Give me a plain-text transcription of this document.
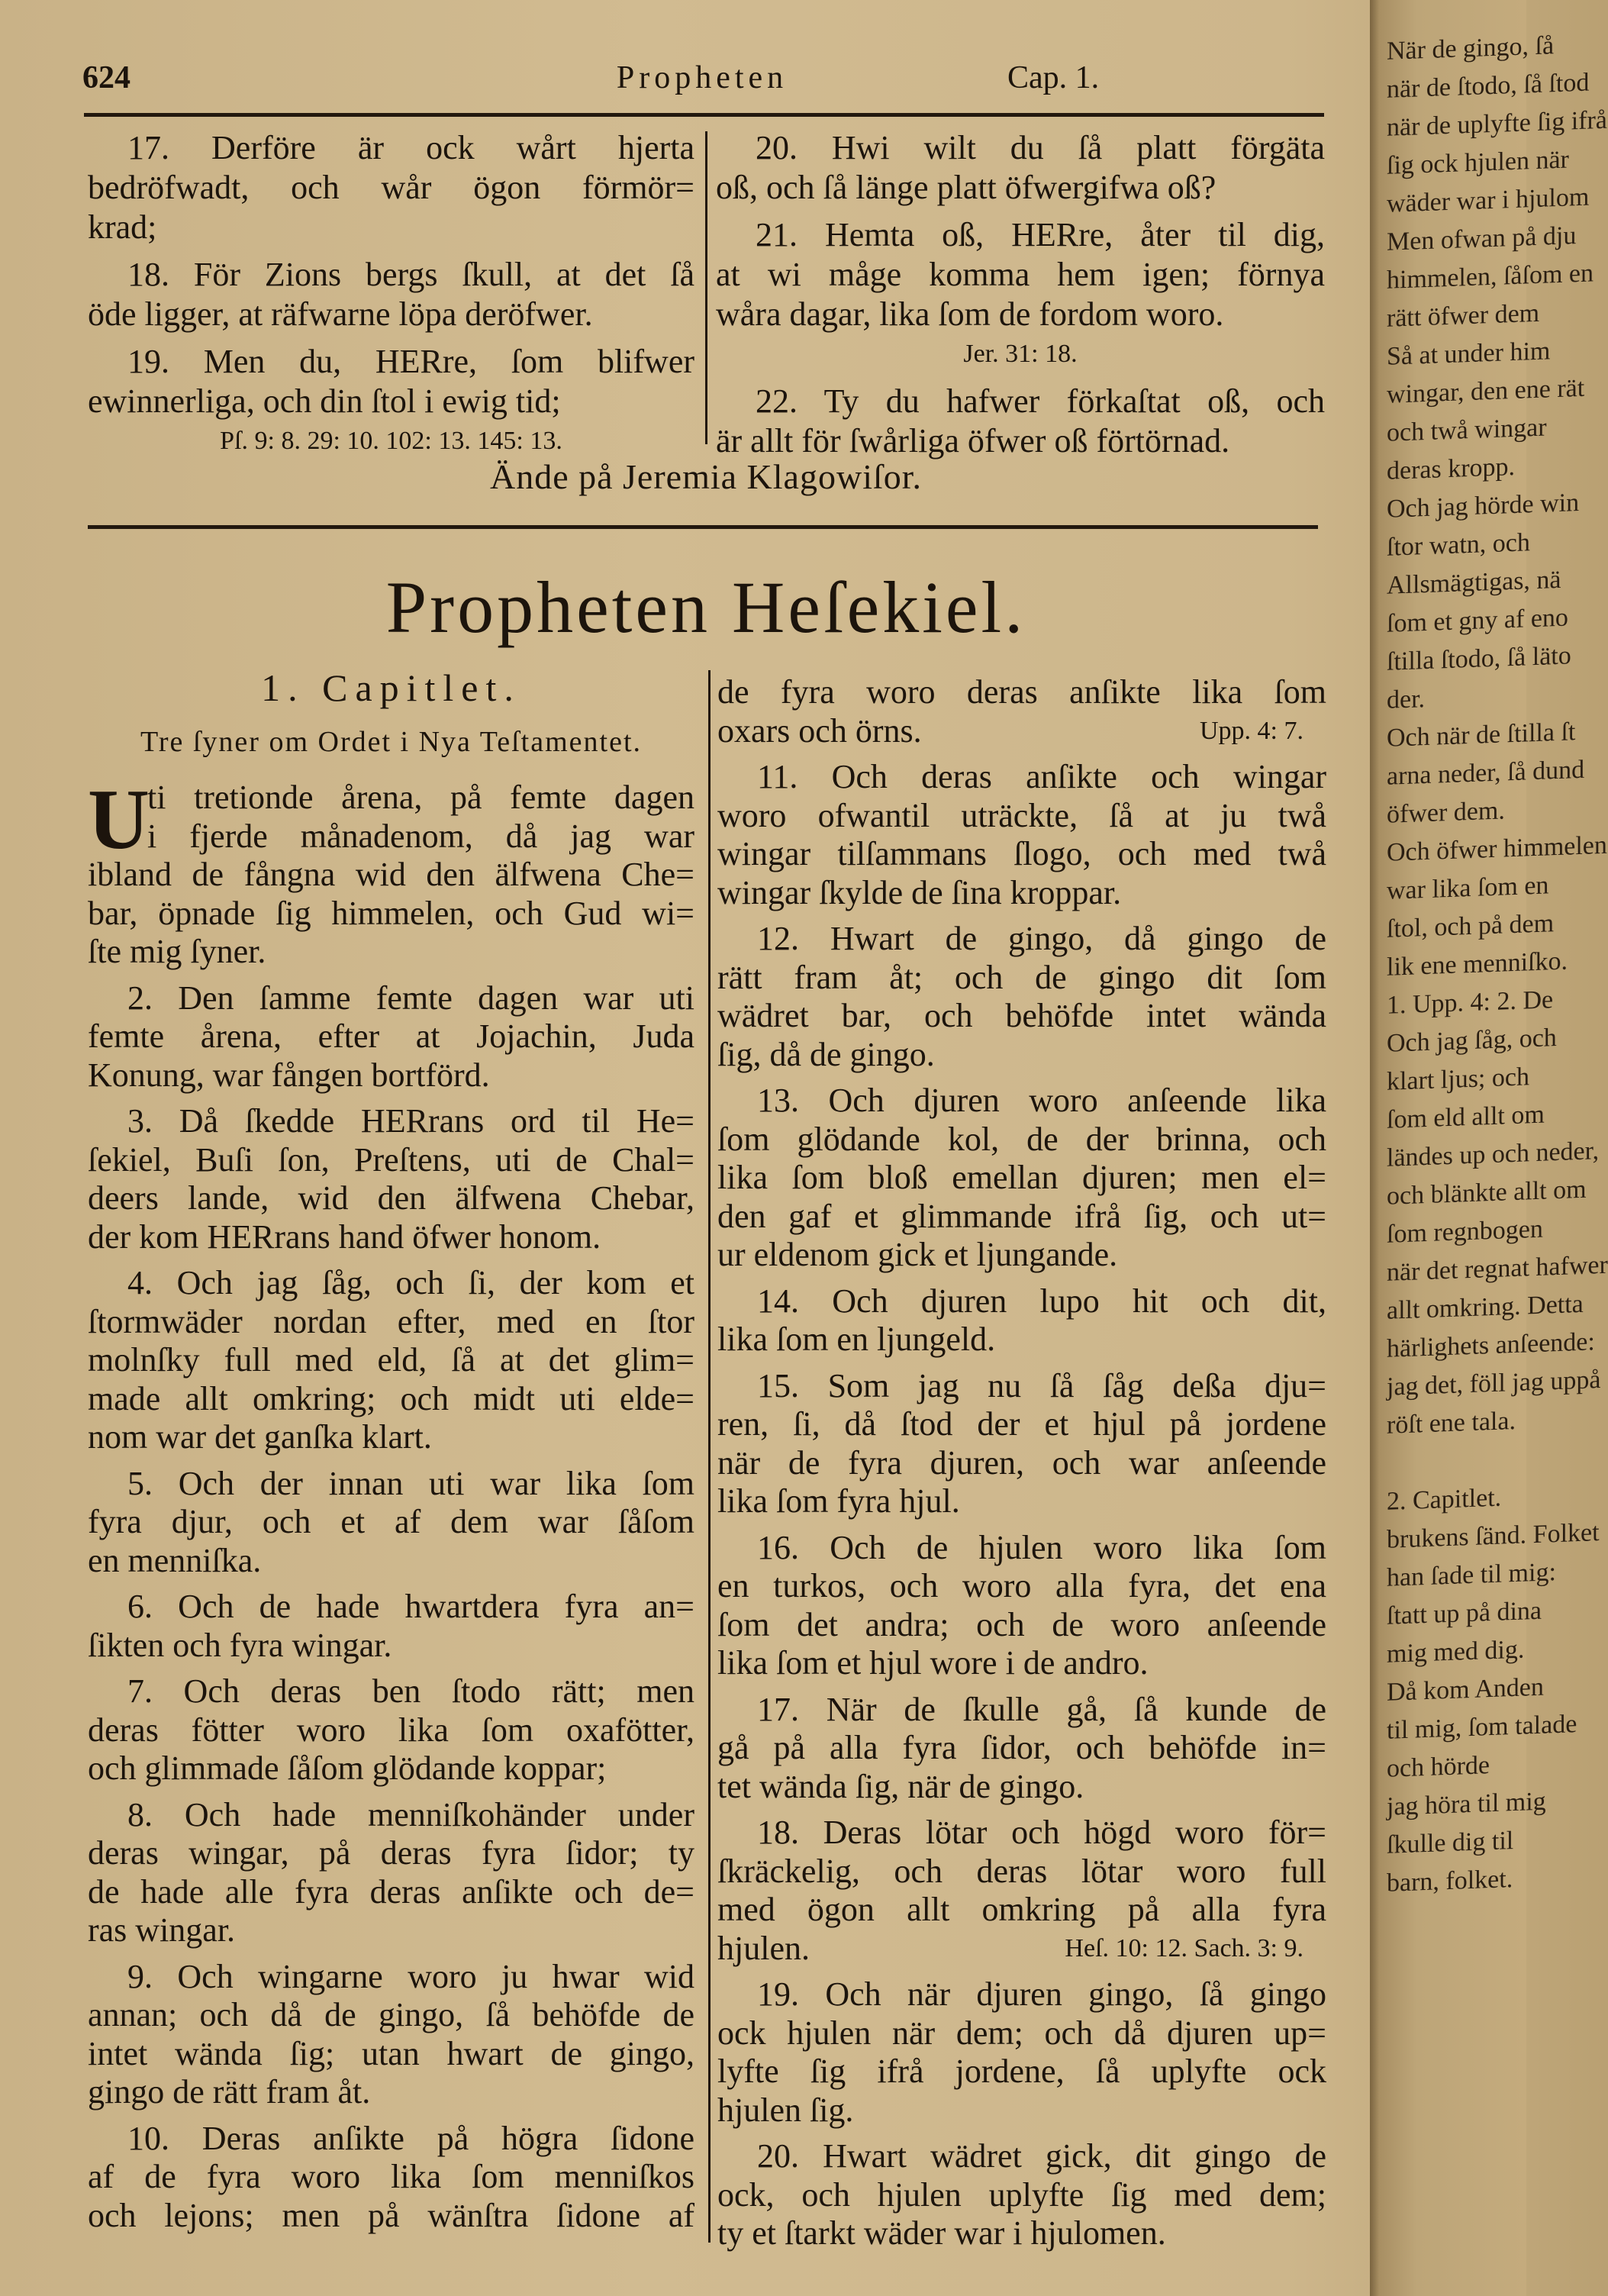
När de gingo, ſå
när de ſtodo, ſå ſtod
när de uplyfte ſig ifrå
ſig ock hjulen när
wäder war i hjulom
Men ofwan på dju
himmelen, ſåſom en
rätt öfwer dem
Så at under him
wingar, den ene rät
och twå wingar
deras kropp.
Och jag hörde win
ſtor watn, och
Allsmägtigas, nä
ſom et gny af eno
ſtilla ſtodo, ſå läto
der.
Och när de ſtilla ſt
arna neder, ſå dund
öfwer dem.
Och öfwer himmelen
war lika ſom en
ſtol, och på dem
lik ene menniſko.
1. Upp. 4: 2. De
Och jag ſåg, och
klart ljus; och
ſom eld allt om
ländes up och neder,
och blänkte allt om
ſom regnbogen
när det regnat hafwer
allt omkring. Detta
härlighets anſeende:
jag det, föll jag uppå
röſt ene tala.
2. Capitlet.
brukens ſänd. Folket
han ſade til mig:
ſtatt up på dina
mig med dig.
Då kom Anden
til mig, ſom talade
och hörde
jag höra til mig
ſkulle dig til
barn, folket.
624	Propheten	Cap. 1.
17. Derföre är ock wårt hjerta
bedröfwadt, och wår ögon förmör=
krad;
18. För Zions bergs ſkull, at det ſå
öde ligger, at räfwarne löpa deröfwer.
19. Men du, HERre, ſom blifwer
ewinnerliga, och din ſtol i ewig tid;
Pſ. 9: 8. 29: 10. 102: 13. 145: 13.
20. Hwi wilt du ſå platt förgäta
oß, och ſå länge platt öfwergifwa oß?
21. Hemta oß, HERre, åter til dig,
at wi måge komma hem igen; förnya
wåra dagar, lika ſom de fordom woro.
Jer. 31: 18.
22. Ty du hafwer förkaſtat oß, och
är allt för ſwårliga öfwer oß förtörnad.
Ände på Jeremia Klagowiſor.
Propheten Heſekiel.
1. Capitlet.
Tre ſyner om Ordet i Nya Teſtamentet.
ti tretionde årena, på femte dagen
i fjerde månadenom, då jag war
ibland de fångna wid den älfwena Che=
bar, öpnade ſig himmelen, och Gud wi=
ſte mig ſyner.
U
2. Den ſamme femte dagen war uti
femte årena, efter at Jojachin, Juda
Konung, war fången bortförd.
3. Då ſkedde HERrans ord til He=
ſekiel, Buſi ſon, Preſtens, uti de Chal=
deers lande, wid den älfwena Chebar,
der kom HERrans hand öfwer honom.
4. Och jag ſåg, och ſi, der kom et
ſtormwäder nordan efter, med en ſtor
molnſky full med eld, ſå at det glim=
made allt omkring; och midt uti elde=
nom war det ganſka klart.
5. Och der innan uti war lika ſom
fyra djur, och et af dem war ſåſom
en menniſka.
6. Och de hade hwartdera fyra an=
ſikten och fyra wingar.
7. Och deras ben ſtodo rätt; men
deras fötter woro lika ſom oxafötter,
och glimmade ſåſom glödande koppar;
8. Och hade menniſkohänder under
deras wingar, på deras fyra ſidor; ty
de hade alle fyra deras anſikte och de=
ras wingar.
9. Och wingarne woro ju hwar wid
annan; och då de gingo, ſå behöfde de
intet wända ſig; utan hwart de gingo,
gingo de rätt fram åt.
10. Deras anſikte på högra ſidone
af de fyra woro lika ſom menniſkos
och lejons; men på wänſtra ſidone af
de fyra woro deras anſikte lika ſom
oxars och örns.	Upp. 4: 7.
11. Och deras anſikte och wingar
woro ofwantil uträckte, ſå at ju twå
wingar tilſammans ſlogo, och med twå
wingar ſkylde de ſina kroppar.
12. Hwart de gingo, då gingo de
rätt fram åt; och de gingo dit ſom
wädret bar, och behöfde intet wända
ſig, då de gingo.
13. Och djuren woro anſeende lika
ſom glödande kol, de der brinna, och
lika ſom bloß emellan djuren; men el=
den gaf et glimmande ifrå ſig, och ut=
ur eldenom gick et ljungande.
14. Och djuren lupo hit och dit,
lika ſom en ljungeld.
15. Som jag nu ſå ſåg deßa dju=
ren, ſi, då ſtod der et hjul på jordene
när de fyra djuren, och war anſeende
lika ſom fyra hjul.
16. Och de hjulen woro lika ſom
en turkos, och woro alla fyra, det ena
ſom det andra; och de woro anſeende
lika ſom et hjul wore i de andro.
17. När de ſkulle gå, ſå kunde de
gå på alla fyra ſidor, och behöfde in=
tet wända ſig, när de gingo.
18. Deras lötar och högd woro för=
ſkräckelig, och deras lötar woro full
med ögon allt omkring på alla fyra
hjulen.	Heſ. 10: 12. Sach. 3: 9.
19. Och när djuren gingo, ſå gingo
ock hjulen när dem; och då djuren up=
lyfte ſig ifrå jordene, ſå uplyfte ock
hjulen ſig.
20. Hwart wädret gick, dit gingo de
ock, och hjulen uplyfte ſig med dem;
ty et ſtarkt wäder war i hjulomen.
